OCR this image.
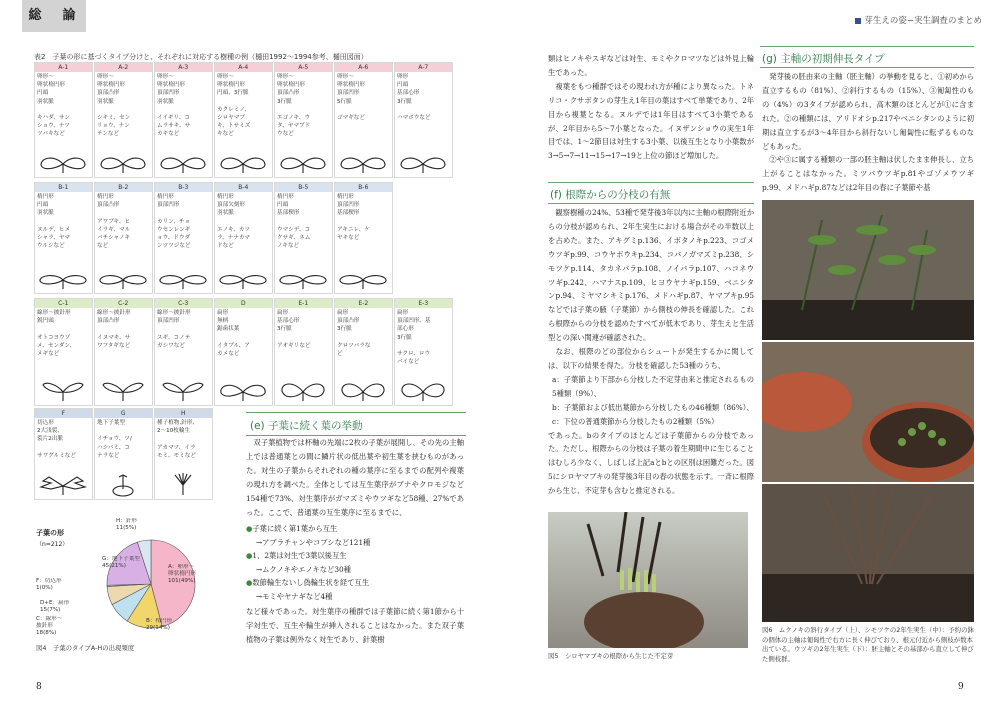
総　論	芽生えの姿−実生調査のまとめ
表2　子葉の形に基づくタイプ分けと、それぞれに対応する樹種の例（樋田1992〜1994参考、樋田図面）
A-1
卵形〜
卵状楕円形
円頭
羽状脈

キハダ、サン
ショウ、ナツ
ツバキなど
A-2
卵形〜
卵状楕円形
頂部凸形
羽状脈

シキミ、セン
リョウ、ナン
テンなど
A-3
卵形〜
卵状楕円形
頂部凹形
羽状脈

イイギリ、コ
ムラサキ、サ
カキなど
A-4
卵形〜
卵状楕円形
円頭、3行脈

カクレミノ、
シロヤマブ
キ、トサミズ
キなど
A-5
卵形〜
卵状楕円形
頂部凸形
3行脈

エゴノキ、ウ
タ、ヤマブド
ウなど
A-6
卵形〜
卵状楕円形
頂部凹形
5行脈

ゴマギなど
A-7
卵形
円頭
基部心形
3行脈

ハマボウなど
B-1
楕円形
円頭
羽状脈

ヌルデ、ヒメ
シャラ、ヤマ
ウルシなど
B-2
楕円形
頂部凸形

アワブキ、ヒ
イラギ、マル
バチシャノキ
など
B-3
楕円形
頂部凹形

カリン、チョ
ウセンレンギ
ョウ、ドウダ
ンツツジなど
B-4
楕円形
頂部欠刻形
羽状脈

エノキ、カツ
ラ、ナナカマ
ドなど
B-5
楕円形
円頭
基部楔形

ウマシデ、コ
クサギ、ネム
ノキなど
B-6
楕円形
頂部凹形
基部楔形

アキニレ、ケ
ヤキなど
C-1
線形〜披針形
鋭円頭

オトコヨウゾ
メ、センダン、
メギなど
C-2
線形〜披針形
頂部凸形

イヌマキ、サ
ワフタギなど
C-3
線形〜披針形
頂部凹形

スギ、コノテ
ガシワなど
D
扁形
無柄
鋸歯状葉

イタブル、ア
カメなど
E-1
扁形
基部心形
3行脈

アオギリなど
E-2
扁形
頂部凸形
3行脈

クロツバラな
ど
E-3
扁形
頂部凹形、基
部心形
3行脈

サクロ、ロウ
バイなど
F
切込形
2大浅裂、
裂片2出脈

サワグルミなど
G
地下子葉型

イチョウ、ツ/
ハシバミ、コ
ナラなど
H
種子植物,針形、
2〜10枚輪生

アカマツ、イラ
モミ、モミなど
子葉の形
（n=212）
A：卵形〜
卵状楕円形
101(49%)
B：楕円形
29(14%)
C：線形〜
披針形
18(8%)
D+E：扁形
15(7%)
F：切込形
1(0%)
G：地下子葉型
45(21%)
H：針形
11(5%)
図4　子葉のタイプA-Hの出現頻度
8
(e) 子葉に続く葉の挙動

　双子葉植物では杯軸の先端に2枚の子葉が展開し、その先の主軸上では普通葉との間に鱗片状の低出葉や初生葉を挟むものがあった。対生の子葉からそれぞれの種の葉序に至るまでの配列や複葉の現れ方を調べた。全体としては互生葉序がブナやクロモジなど154種で73%、対生葉序がガマズミやウツギなど58種、27%であった。ここで、普通葉の互生葉序に至るまでに、

●子葉に続く第1葉から互生
→アブラチャンやコブシなど121種
●1、2葉は対生で3葉以後互生
→ムクノキやエノキなど30種
●数節輪生ないし偽輪生状を経て互生
→モミやヤナギなど4種

など様々であった。対生葉序の種群では子葉節に続く第1節から十字対生で、互生や輪生が挿入されることはなかった。また双子葉植物の子葉は例外なく対生であり、針葉樹

類はヒノキやスギなどは対生、モミやクロマツなどは外見上輪生であった。
　複葉をもつ種群ではその現われ方が種により異なった。トネリコ・クサボタンの芽生え1年目の葉はすべて単葉であり、2年目から複葉となる。ヌルデでは1年目はすべて3小葉であるが、2年目から5〜7小葉となった。イヌザンショウの実生1年目では、1〜2節目は対生する3小葉、以後互生となり小葉数が3→5→7→11→15→17→19と上位の節ほど増加した。
(f) 根際からの分枝の有無

　観察樹種の24%、53種で発芽後3年以内に主軸の根際附近からの分枝が認められ、2年生実生における場合がその半数以上を占めた。また、アキグミp.136、イボタノキp.223、コゴメウツギp.99、コウヤボウキp.234、コバノガマズミp.238、シモツケp.114、タカネバラp.108、ノイバラp.107、ハコネウツギp.242、ハマナスp.109、ヒヨウヤナギp.159、ベニシタンp.94、ミヤマシキミp.176、メドハギp.87、ヤマブキp.95などでは子葉の腋（子葉節）から側枝の伸長を確認した。これら根際からの分枝を認めたすべてが低木であり、芽生えと生活型との深い関連が確認された。
　なお、根際のどの部位からシュートが発生するかに関しては、以下の結果を得た。分枝を確認した53種のうち、

a：子葉節より下部から分枝した不定芽由来と推定されるもの5種類（9%）、
b：子葉節および低出葉節から分枝したもの46種類（86%）、
c：下位の普通葉節から分枝したもの2種類（5%）

であった。bのタイプのほとんどは子葉節からの分枝であった。ただし、根際からの分枝は子葉の着生期間中に生じることはむしろ少なく、しばしば上記aとbとの区別は困難だった。図5にシロヤマブキの発芽後3年目の春の状態を示す。一斉に根際から生じ、不定芽も含むと推定される。

図5　シロヤマブキの根際から生じた不定芽
(g) 主軸の初期伸長タイプ
　発芽後の胚由来の主軸（胚主軸）の挙動を見ると、①初めから直立するもの（81%）、②斜行するもの（15%）、③匍匐性のもの（4%）の3タイプが認められ、高木類のほとんどが①に含まれた。②の種類には、アリドオシp.217やベニシタンのように初期は直立するが3〜4年目から斜行ないし匍匐性に転ずるものなどもあった。
　②や③に属する種類の一部の胚主軸は伏したまま伸長し、立ち上がることはなかった。ミツバウツギp.81やゴゾメウツギp.99、メドハギp.87などは2年目の春に子葉節や基
図6　ムクノキの斜行タイプ（上）、シモツケの2年生実生（中）：予約の鉢の個体の主軸は匍匐性で右方に長く伸びており、根元付近から側枝が数本出ている。ウツギの2年生実生（下）：胚主軸とその基部から直立して伸びた側枝群。
9
